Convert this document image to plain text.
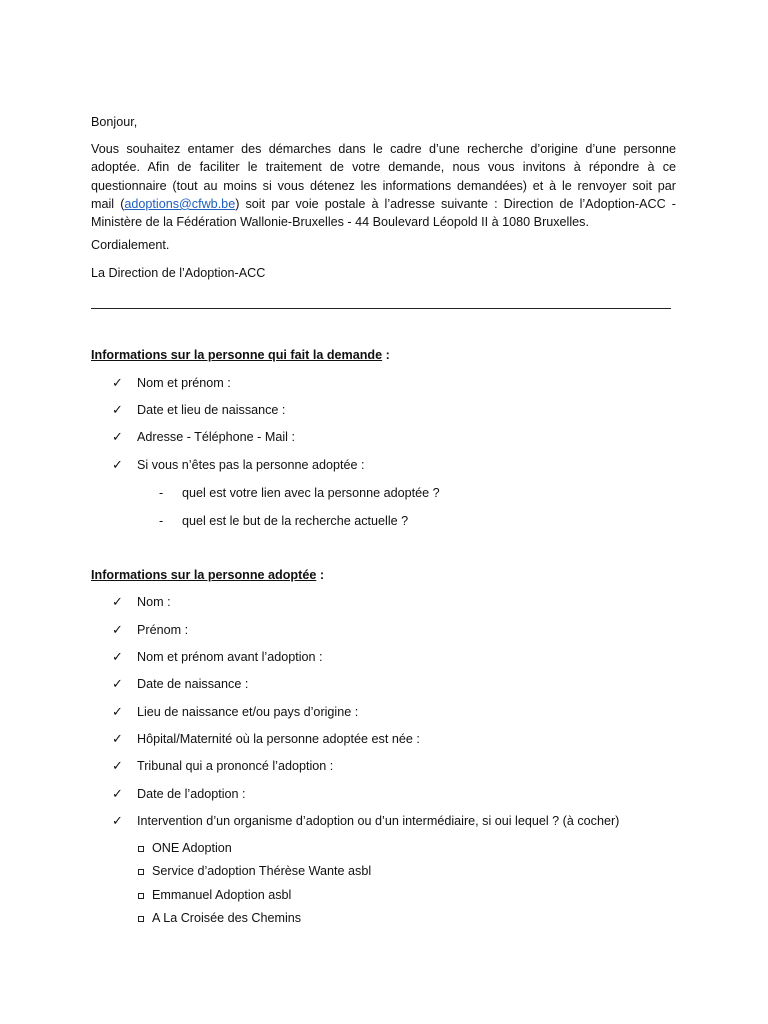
Bonjour,
Vous souhaitez entamer des démarches dans le cadre d’une recherche d’origine d’une personne
adoptée. Afin de faciliter le traitement de votre demande, nous vous invitons à répondre à ce
questionnaire (tout au moins si vous détenez les informations demandées) et à le renvoyer soit par
mail (adoptions@cfwb.be) soit par voie postale à l’adresse suivante : Direction de l’Adoption-ACC -
Ministère de la Fédération Wallonie-Bruxelles - 44 Boulevard Léopold II à 1080 Bruxelles.
Cordialement.
La Direction de l’Adoption-ACC
Informations sur la personne qui fait la demande :
✓ Nom et prénom :
✓ Date et lieu de naissance :
✓ Adresse - Téléphone - Mail :
✓ Si vous n’êtes pas la personne adoptée :
- quel est votre lien avec la personne adoptée ?
- quel est le but de la recherche actuelle ?
Informations sur la personne adoptée :
✓ Nom :
✓ Prénom :
✓ Nom et prénom avant l’adoption :
✓ Date de naissance :
✓ Lieu de naissance et/ou pays d’origine :
✓ Hôpital/Maternité où la personne adoptée est née :
✓ Tribunal qui a prononcé l’adoption :
✓ Date de l’adoption :
✓ Intervention d’un organisme d’adoption ou d’un intermédiaire, si oui lequel ? (à cocher)
ONE Adoption
Service d’adoption Thérèse Wante asbl
Emmanuel Adoption asbl
A La Croisée des Chemins
